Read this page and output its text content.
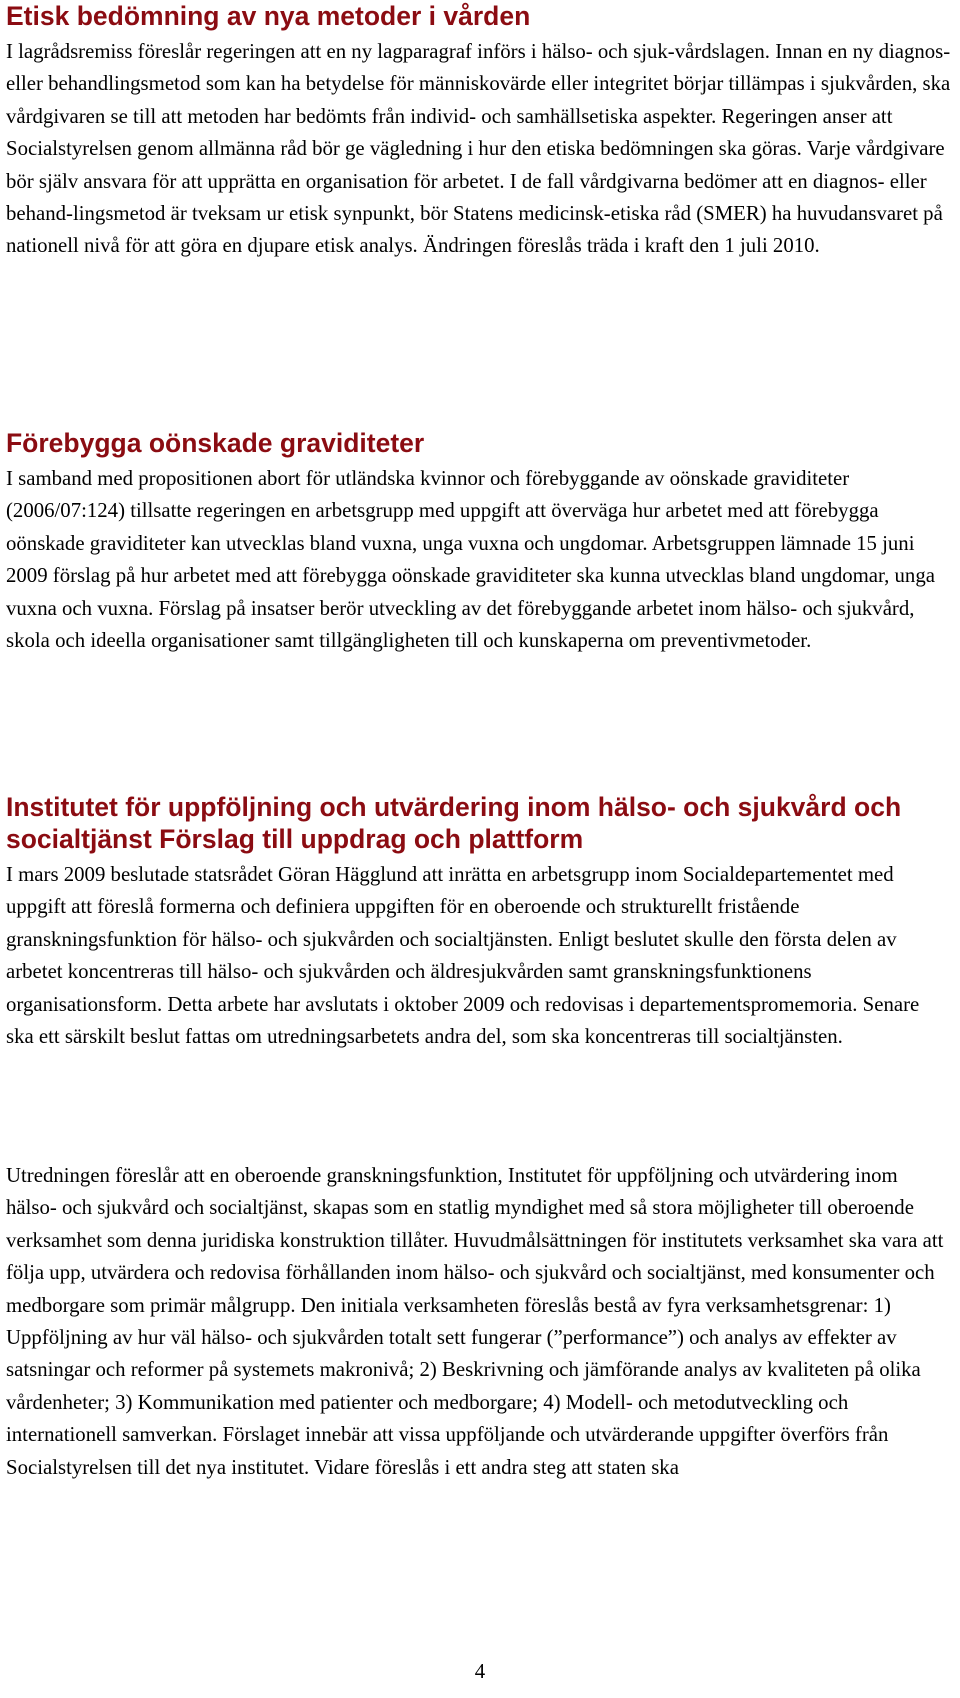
Etisk bedömning av nya metoder i vården

I lagrådsremiss föreslår regeringen att en ny lagparagraf införs i hälso- och sjuk-vårdslagen. Innan en ny diagnos- eller behandlingsmetod som kan ha betydelse för människovärde eller integritet börjar tillämpas i sjukvården, ska vårdgivaren se till att metoden har bedömts från individ- och samhällsetiska aspekter. Regeringen anser att Socialstyrelsen genom allmänna råd bör ge vägledning i hur den etiska bedömningen ska göras. Varje vårdgivare bör själv ansvara för att upprätta en organisation för arbetet. I de fall vårdgivarna bedömer att en diagnos- eller behand-lingsmetod är tveksam ur etisk synpunkt, bör Statens medicinsk-etiska råd (SMER) ha huvudansvaret på nationell nivå för att göra en djupare etisk analys. Ändringen föreslås träda i kraft den 1 juli 2010.

Förebygga oönskade graviditeter

I samband med propositionen abort för utländska kvinnor och förebyggande av oönskade graviditeter (2006/07:124) tillsatte regeringen en arbetsgrupp med uppgift att överväga hur arbetet med att förebygga oönskade graviditeter kan utvecklas bland vuxna, unga vuxna och ungdomar. Arbetsgruppen lämnade 15 juni 2009 förslag på hur arbetet med att förebygga oönskade graviditeter ska kunna utvecklas bland ungdomar, unga vuxna och vuxna. Förslag på insatser berör utveckling av det förebyggande arbetet inom hälso- och sjukvård, skola och ideella organisationer samt tillgängligheten till och kunskaperna om preventivmetoder.

Institutet för uppföljning och utvärdering inom hälso- och sjukvård och socialtjänst Förslag till uppdrag och plattform

I mars 2009 beslutade statsrådet Göran Hägglund att inrätta en arbetsgrupp inom Socialdepartementet med uppgift att föreslå formerna och definiera uppgiften för en oberoende och strukturellt fristående granskningsfunktion för hälso- och sjukvården och socialtjänsten. Enligt beslutet skulle den första delen av arbetet koncentreras till hälso- och sjukvården och äldresjukvården samt granskningsfunktionens organisationsform. Detta arbete har avslutats i oktober 2009 och redovisas i departementspromemoria. Senare ska ett särskilt beslut fattas om utredningsarbetets andra del, som ska koncentreras till socialtjänsten.

Utredningen föreslår att en oberoende granskningsfunktion, Institutet för uppföljning och utvärdering inom hälso- och sjukvård och socialtjänst, skapas som en statlig myndighet med så stora möjligheter till oberoende verksamhet som denna juridiska konstruktion tillåter. Huvudmålsättningen för institutets verksamhet ska vara att följa upp, utvärdera och redovisa förhållanden inom hälso- och sjukvård och socialtjänst, med konsumenter och medborgare som primär målgrupp. Den initiala verksamheten föreslås bestå av fyra verksamhetsgrenar: 1) Uppföljning av hur väl hälso- och sjukvården totalt sett fungerar (”performance”) och analys av effekter av satsningar och reformer på systemets makronivå; 2) Beskrivning och jämförande analys av kvaliteten på olika vårdenheter; 3) Kommunikation med patienter och medborgare; 4) Modell- och metodutveckling och internationell samverkan. Förslaget innebär att vissa uppföljande och utvärderande uppgifter överförs från Socialstyrelsen till det nya institutet. Vidare föreslås i ett andra steg att staten ska

4
